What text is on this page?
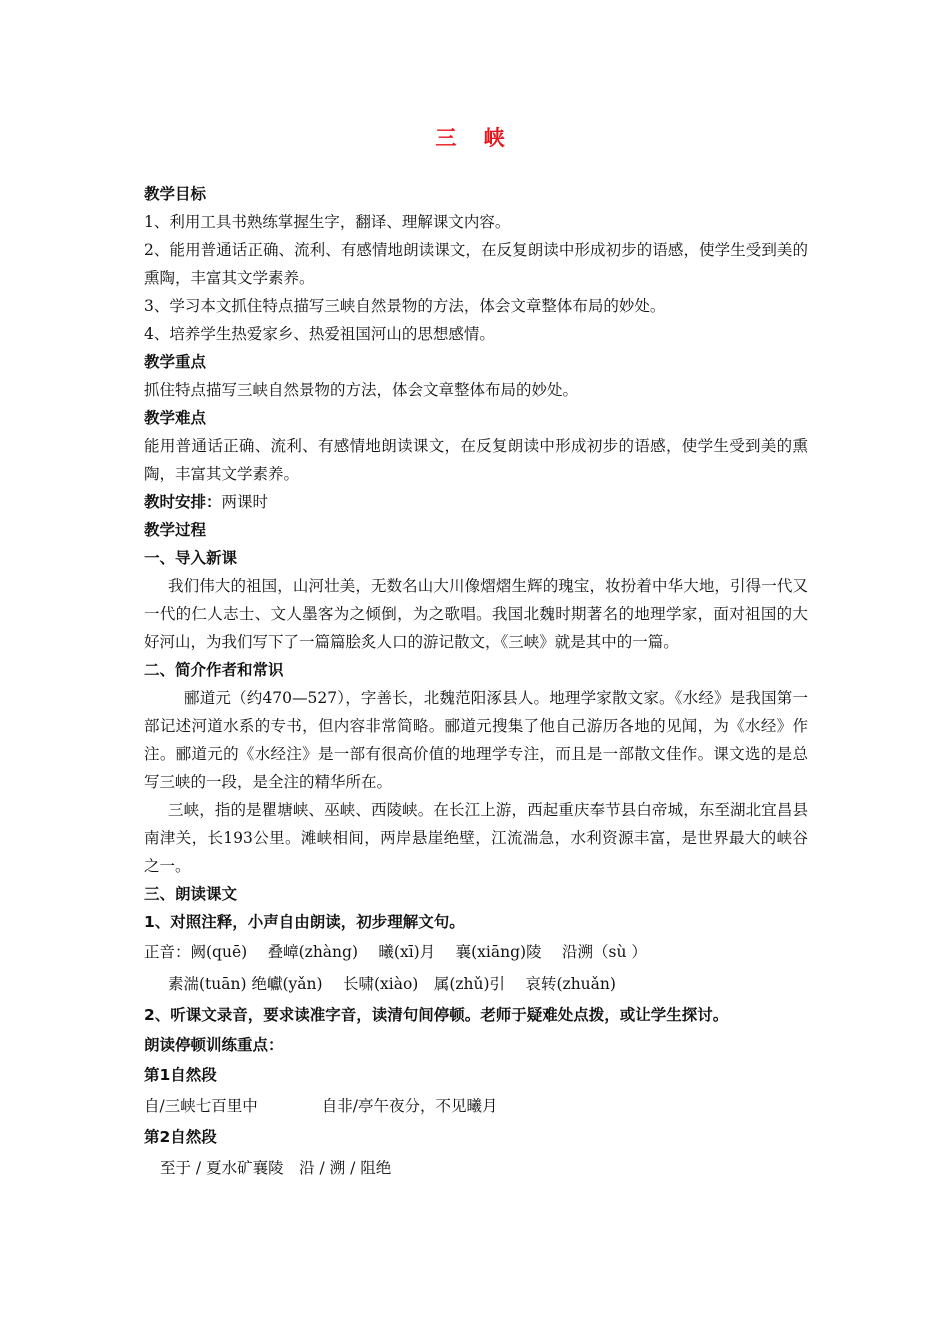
三 峡

教学目标

1、利用工具书熟练掌握生字，翻译、理解课文内容。

2、能用普通话正确、流利、有感情地朗读课文，在反复朗读中形成初步的语感，使学生受到美的熏陶，丰富其文学素养。

3、学习本文抓住特点描写三峡自然景物的方法，体会文章整体布局的妙处。

4、培养学生热爱家乡、热爱祖国河山的思想感情。

教学重点

抓住特点描写三峡自然景物的方法，体会文章整体布局的妙处。

教学难点

能用普通话正确、流利、有感情地朗读课文，在反复朗读中形成初步的语感，使学生受到美的熏陶，丰富其文学素养。

教时安排：两课时

教学过程

一、导入新课

我们伟大的祖国，山河壮美，无数名山大川像熠熠生辉的瑰宝，妆扮着中华大地，引得一代又一代的仁人志士、文人墨客为之倾倒，为之歌唱。我国北魏时期著名的地理学家，面对祖国的大好河山，为我们写下了一篇篇脍炙人口的游记散文，《三峡》就是其中的一篇。

二、简介作者和常识

郦道元（约470—527），字善长，北魏范阳涿县人。地理学家散文家。《水经》是我国第一部记述河道水系的专书，但内容非常简略。郦道元搜集了他自己游历各地的见闻，为《水经》作注。郦道元的《水经注》是一部有很高价值的地理学专注，而且是一部散文佳作。课文选的是总写三峡的一段，是全注的精华所在。

三峡，指的是瞿塘峡、巫峡、西陵峡。在长江上游，西起重庆奉节县白帝城，东至湖北宜昌县南津关，长193公里。滩峡相间，两岸悬崖绝壁，江流湍急，水利资源丰富，是世界最大的峡谷之一。

三、朗读课文

1、对照注释，小声自由朗读，初步理解文句。

正音：阙(quē)　 叠嶂(zhàng)　 曦(xī)月　 襄(xiāng)陵　 沿溯（sù ）

素湍(tuān) 绝巘(yǎn)　 长啸(xiào)　属(zhǔ)引　 哀转(zhuǎn)

2、听课文录音，要求读准字音，读清句间停顿。老师于疑难处点拨，或让学生探讨。

朗读停顿训练重点：

第1自然段

自/三峡七百里中	自非/亭午夜分，不见曦月

第2自然段

至于 / 夏水矿襄陵　沿 / 溯 / 阻绝
